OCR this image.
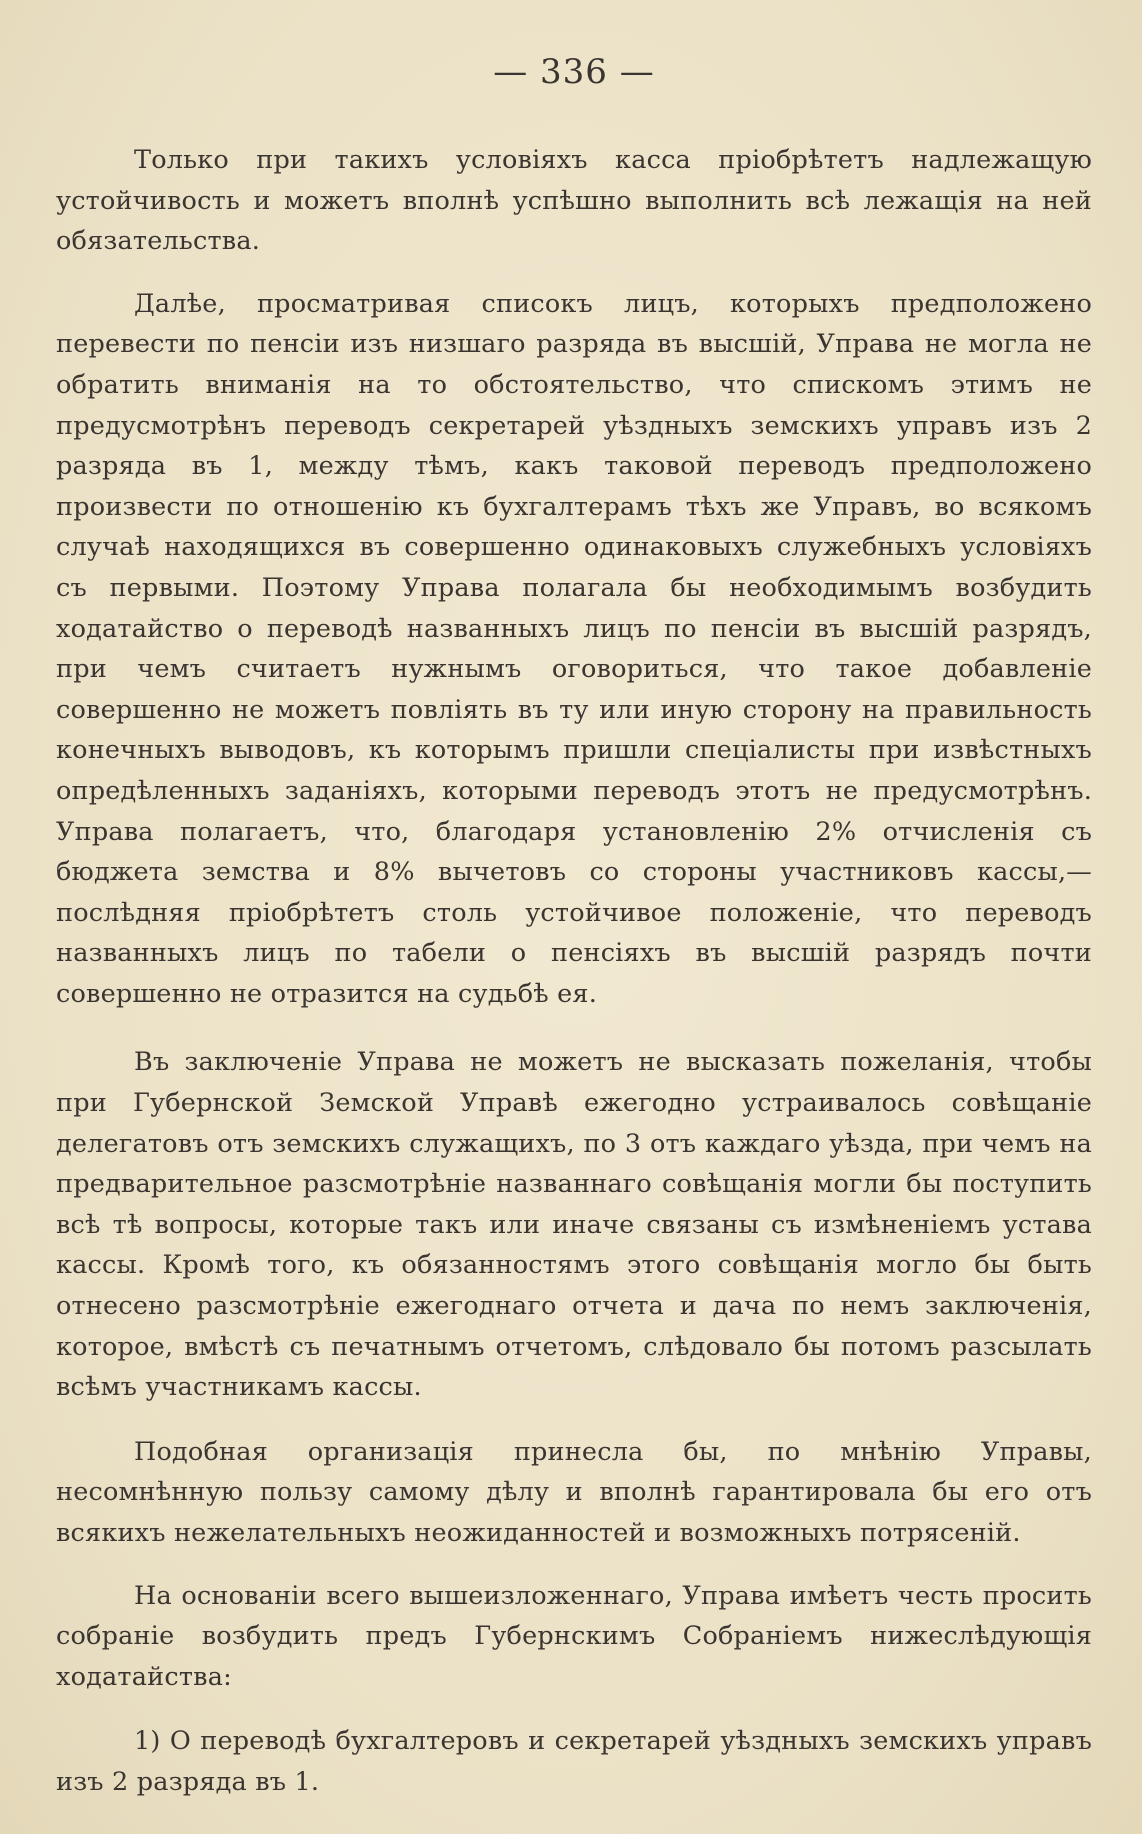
— 336 —

Только при такихъ условіяхъ касса пріобрѣтетъ надлежащую устойчивость и можетъ вполнѣ успѣшно выполнить всѣ лежащія на ней обязательства.

Далѣе, просматривая списокъ лицъ, которыхъ предположено перевести по пенсіи изъ низшаго разряда въ высшій, Управа не могла не обратить вниманія на то обстоятельство, что спискомъ этимъ не предусмотрѣнъ переводъ секретарей уѣздныхъ земскихъ управъ изъ 2 разряда въ 1, между тѣмъ, какъ таковой переводъ предположено произвести по отношенію къ бухгалтерамъ тѣхъ же Управъ, во всякомъ случаѣ находящихся въ совершенно одинаковыхъ служебныхъ условіяхъ съ первыми. Поэтому Управа полагала бы необходимымъ возбудить ходатайство о переводѣ названныхъ лицъ по пенсіи въ высшій разрядъ, при чемъ считаетъ нужнымъ оговориться, что такое добавленіе совершенно не можетъ повліять въ ту или иную сторону на правильность конечныхъ выводовъ, къ которымъ пришли спеціалисты при извѣстныхъ опредѣленныхъ заданіяхъ, которыми переводъ этотъ не предусмотрѣнъ. Управа полагаетъ, что, благодаря установленію 2% отчисленія съ бюджета земства и 8% вычетовъ со стороны участниковъ кассы,—послѣдняя пріобрѣтетъ столь устойчивое положеніе, что переводъ названныхъ лицъ по табели о пенсіяхъ въ высшій разрядъ почти совершенно не отразится на судьбѣ ея.

Въ заключеніе Управа не можетъ не высказать пожеланія, чтобы при Губернской Земской Управѣ ежегодно устраивалось совѣщаніе делегатовъ отъ земскихъ служащихъ, по 3 отъ каждаго уѣзда, при чемъ на предварительное разсмотрѣніе названнаго совѣщанія могли бы поступить всѣ тѣ вопросы, которые такъ или иначе связаны съ измѣненіемъ устава кассы. Кромѣ того, къ обязанностямъ этого совѣщанія могло бы быть отнесено разсмотрѣніе ежегоднаго отчета и дача по немъ заключенія, которое, вмѣстѣ съ печатнымъ отчетомъ, слѣдовало бы потомъ разсылать всѣмъ участникамъ кассы.

Подобная организація принесла бы, по мнѣнію Управы, несомнѣнную пользу самому дѣлу и вполнѣ гарантировала бы его отъ всякихъ нежелательныхъ неожиданностей и возможныхъ потрясеній.

На основаніи всего вышеизложеннаго, Управа имѣетъ честь просить собраніе возбудить предъ Губернскимъ Собраніемъ нижеслѣдующія ходатайства:

1) О переводѣ бухгалтеровъ и секретарей уѣздныхъ земскихъ управъ изъ 2 разряда въ 1.
